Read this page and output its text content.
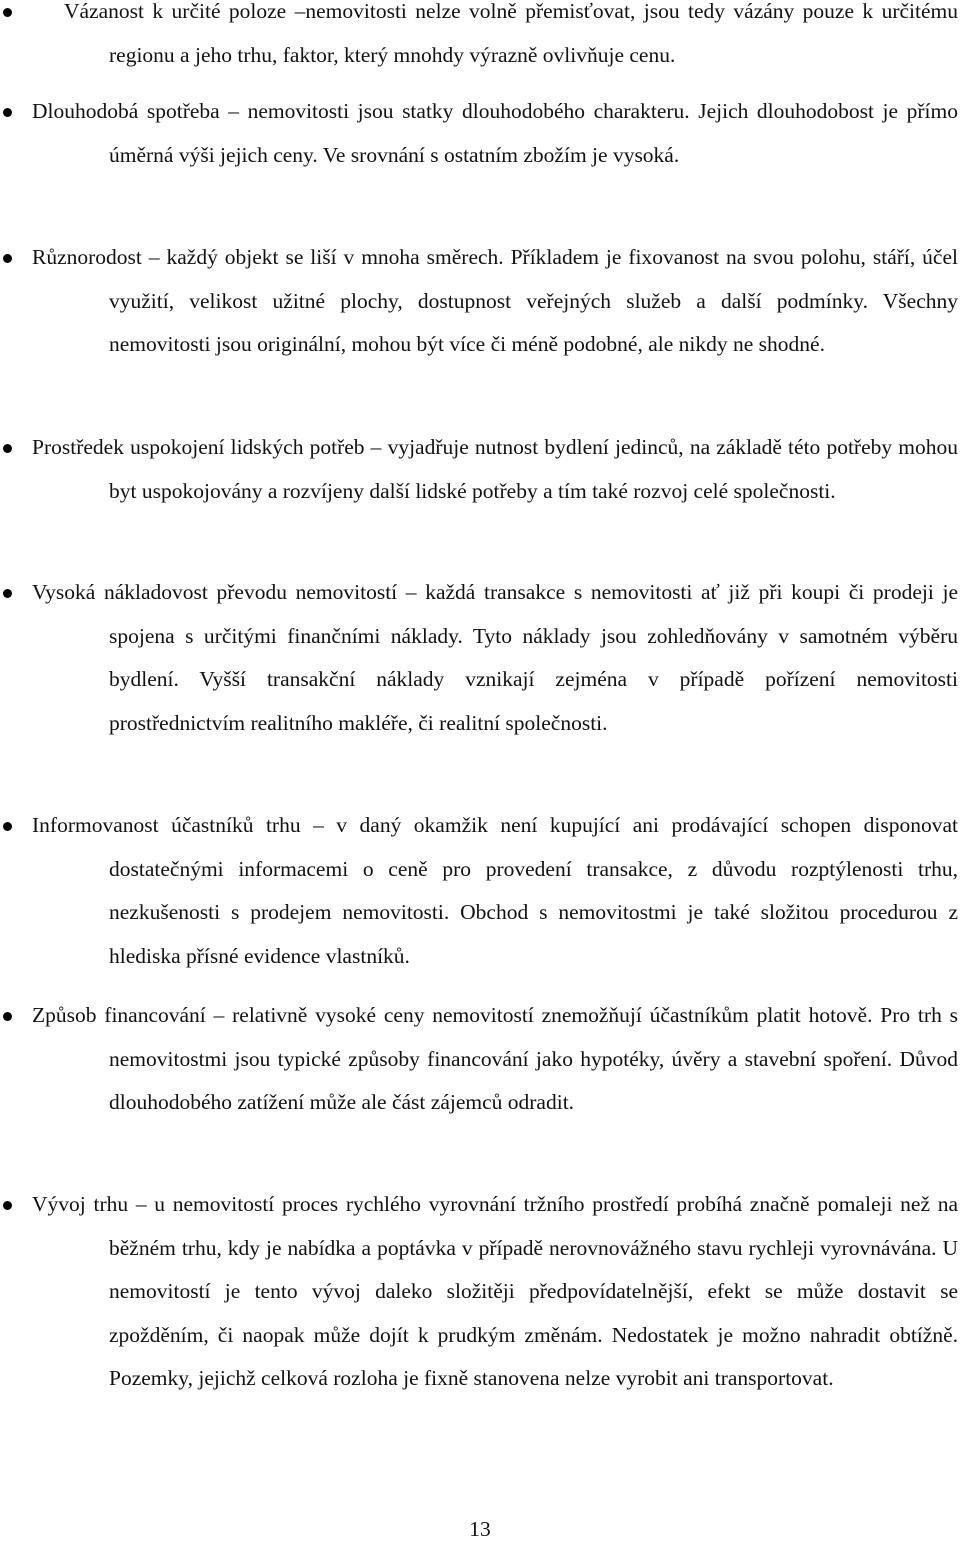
Vázanost k určité poloze –nemovitosti nelze volně přemisťovat, jsou tedy vázány pouze k určitému regionu a jeho trhu, faktor, který mnohdy výrazně ovlivňuje cenu.

Dlouhodobá spotřeba – nemovitosti jsou statky dlouhodobého charakteru. Jejich dlouhodobost je přímo úměrná výši jejich ceny. Ve srovnání s ostatním zbožím je vysoká.

Různorodost – každý objekt se liší v mnoha směrech. Příkladem je fixovanost na svou polohu, stáří, účel využití, velikost užitné plochy, dostupnost veřejných služeb a další podmínky. Všechny nemovitosti jsou originální, mohou být více či méně podobné, ale nikdy ne shodné.

Prostředek uspokojení lidských potřeb – vyjadřuje nutnost bydlení jedinců, na základě této potřeby mohou byt uspokojovány a rozvíjeny další lidské potřeby a tím také rozvoj celé společnosti.

Vysoká nákladovost převodu nemovitostí – každá transakce s nemovitosti ať již při koupi či prodeji je spojena s určitými finančními náklady. Tyto náklady jsou zohledňovány v samotném výběru bydlení. Vyšší transakční náklady vznikají zejména v případě pořízení nemovitosti prostřednictvím realitního makléře, či realitní společnosti.

Informovanost účastníků trhu – v daný okamžik není kupující ani prodávající schopen disponovat dostatečnými informacemi o ceně pro provedení transakce, z důvodu rozptýlenosti trhu, nezkušenosti s prodejem nemovitosti. Obchod s nemovitostmi je také složitou procedurou z hlediska přísné evidence vlastníků.

Způsob financování – relativně vysoké ceny nemovitostí znemožňují účastníkům platit hotově. Pro trh s nemovitostmi jsou typické způsoby financování jako hypotéky, úvěry a stavební spoření. Důvod dlouhodobého zatížení může ale část zájemců odradit.

Vývoj trhu – u nemovitostí proces rychlého vyrovnání tržního prostředí probíhá značně pomaleji než na běžném trhu, kdy je nabídka a poptávka v případě nerovnovážného stavu rychleji vyrovnávána. U nemovitostí je tento vývoj daleko složitěji předpovídatelnější, efekt se může dostavit se zpožděním, či naopak může dojít k prudkým změnám. Nedostatek je možno nahradit obtížně. Pozemky, jejichž celková rozloha je fixně stanovena nelze vyrobit ani transportovat.

13
